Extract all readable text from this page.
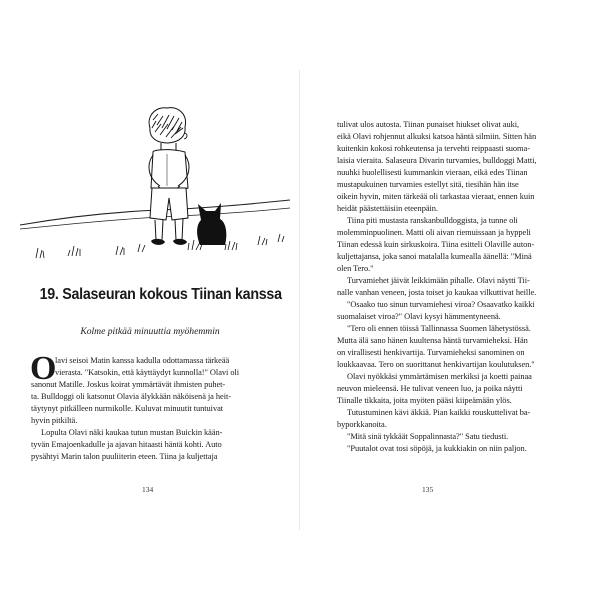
19. Salaseuran kokous Tiinan kanssa
Kolme pitkää minuuttia myöhemmin
O

lavi seisoi Matin kanssa kadulla odottamassa tärkeää

vierasta. "Katsokin, että käyttäydyt kunnolla!" Olavi oli

sanonut Matille. Joskus koirat ymmärtävät ihmisten puhet-

ta. Bulldoggi oli katsonut Olavia älykkään näköisenä ja heit-

täytynyt pitkälleen nurmikolle. Kuluvat minuutit tuntuivat

hyvin pitkiltä.

Lopulta Olavi näki kaukaa tutun mustan Buickin kään-

tyvän Emajoenkadulle ja ajavan hitaasti häntä kohti. Auto

pysähtyi Marin talon puuliiterin eteen. Tiina ja kuljettaja

134

tulivat ulos autosta. Tiinan punaiset hiukset olivat auki,

eikä Olavi rohjennut alkuksi katsoa häntä silmiin. Sitten hän

kuitenkin kokosi rohkeutensa ja tervehti reippaasti suoma-

laisia vieraita. Salaseura Divarin turvamies, bulldoggi Matti,

nuuhki huolellisesti kummankin vieraan, eikä edes Tiinan

mustapukuinen turvamies estellyt sitä, tiesihän hän itse

oikein hyvin, miten tärkeää oli tarkastaa vieraat, ennen kuin

heidät päästettäisiin eteenpäin.

Tiina piti mustasta ranskanbulldoggista, ja tunne oli

molemminpuolinen. Matti oli aivan riemuissaan ja hyppeli

Tiinan edessä kuin sirkuskoira. Tiina esitteli Olaville auton-

kuljettajansa, joka sanoi matalalla kumealla äänellä: "Minä

olen Tero."

Turvamiehet jäivät leikkimään pihalle. Olavi näytti Tii-

nalle vanhan veneen, josta toiset jo kaukaa vilkuttivat heille.

"Osaako tuo sinun turvamiehesi viroa? Osaavatko kaikki

suomalaiset viroa?" Olavi kysyi hämmentyneenä.

"Tero oli ennen töissä Tallinnassa Suomen lähetystössä.

Mutta älä sano hänen kuultensa häntä turvamieheksi. Hän

on virallisesti henkivartija. Turvamieheksi sanominen on

loukkaavaa. Tero on suorittanut henkivartijan koulutuksen."

Olavi nyökkäsi ymmärtämisen merkiksi ja koetti painaa

neuvon mieleensä. He tulivat veneen luo, ja poika näytti

Tiinalle tikkaita, joita myöten pääsi kiipeämään ylös.

Tutustuminen kävi äkkiä. Pian kaikki rouskuttelivat ba-

byporkkanoita.

"Mitä sinä tykkäät Soppalinnasta?" Satu tiedusti.

"Puutalot ovat tosi söpöjä, ja kukkiakin on niin paljon.

135
